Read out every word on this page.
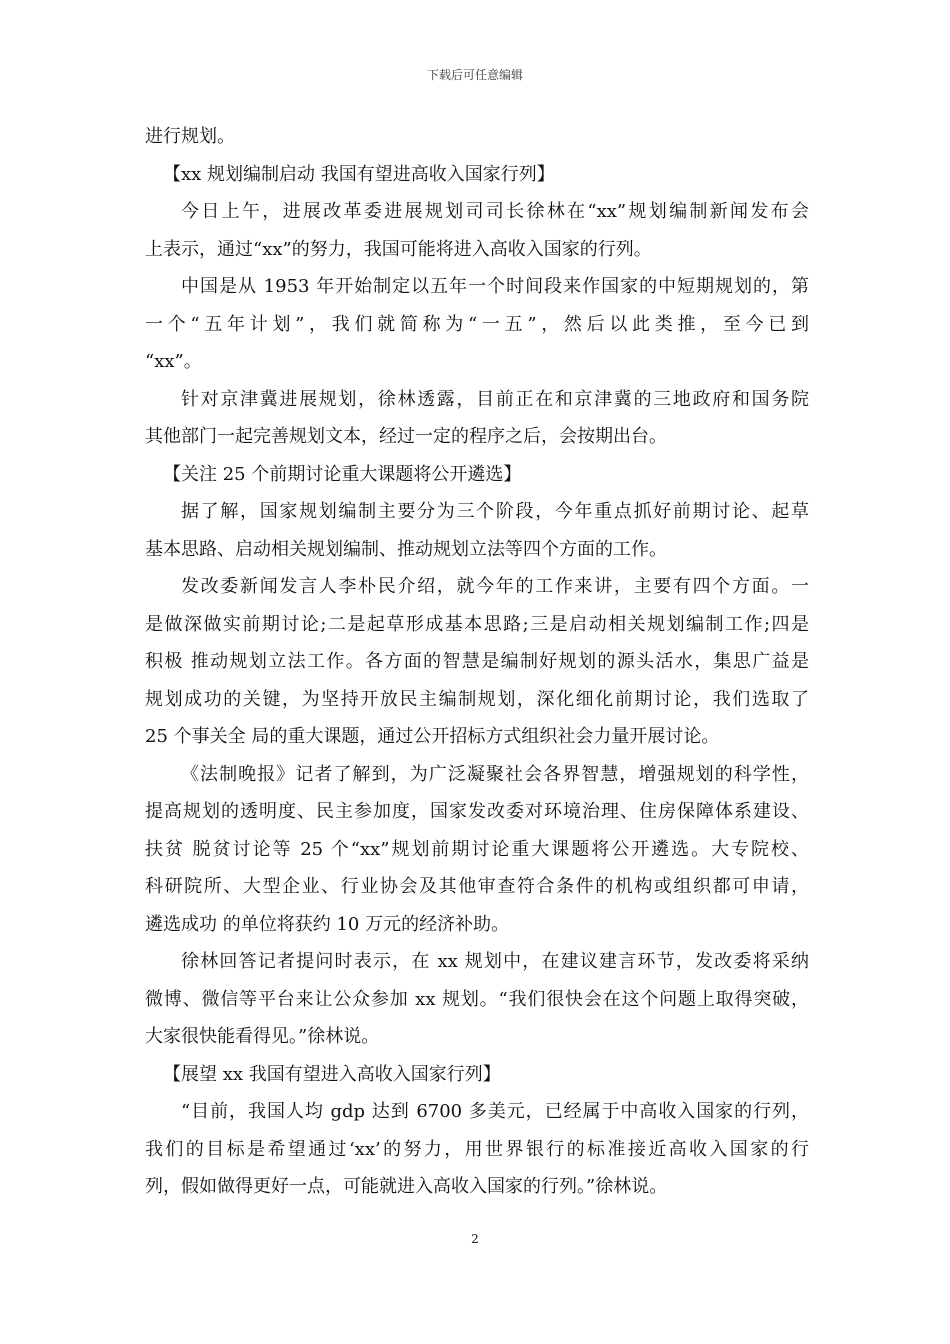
下载后可任意编辑
进行规划。
【xx 规划编制启动 我国有望进高收入国家行列】
今日上午，进展改革委进展规划司司长徐林在“xx”规划编制新闻发布会
上表示，通过“xx”的努力，我国可能将进入高收入国家的行列。
中国是从 1953 年开始制定以五年一个时间段来作国家的中短期规划的，第
一个“五年计划”，我们就简称为“一五”，然后以此类推，至今已到
“xx”。
针对京津冀进展规划，徐林透露，目前正在和京津冀的三地政府和国务院
其他部门一起完善规划文本，经过一定的程序之后，会按期出台。
【关注 25 个前期讨论重大课题将公开遴选】
据了解，国家规划编制主要分为三个阶段，今年重点抓好前期讨论、起草
基本思路、启动相关规划编制、推动规划立法等四个方面的工作。
发改委新闻发言人李朴民介绍，就今年的工作来讲，主要有四个方面。一
是做深做实前期讨论;二是起草形成基本思路;三是启动相关规划编制工作;四是
积极 推动规划立法工作。各方面的智慧是编制好规划的源头活水，集思广益是
规划成功的关键，为坚持开放民主编制规划，深化细化前期讨论，我们选取了
25 个事关全 局的重大课题，通过公开招标方式组织社会力量开展讨论。
《法制晚报》记者了解到，为广泛凝聚社会各界智慧，增强规划的科学性，
提高规划的透明度、民主参加度，国家发改委对环境治理、住房保障体系建设、
扶贫 脱贫讨论等 25 个“xx”规划前期讨论重大课题将公开遴选。大专院校、
科研院所、大型企业、行业协会及其他审查符合条件的机构或组织都可申请，
遴选成功 的单位将获约 10 万元的经济补助。
徐林回答记者提问时表示，在 xx 规划中，在建议建言环节，发改委将采纳
微博、微信等平台来让公众参加 xx 规划。“我们很快会在这个问题上取得突破，
大家很快能看得见。”徐林说。
【展望 xx 我国有望进入高收入国家行列】
“目前，我国人均 gdp 达到 6700 多美元，已经属于中高收入国家的行列，
我们的目标是希望通过‘xx’的努力，用世界银行的标准接近高收入国家的行
列，假如做得更好一点，可能就进入高收入国家的行列。”徐林说。
2
